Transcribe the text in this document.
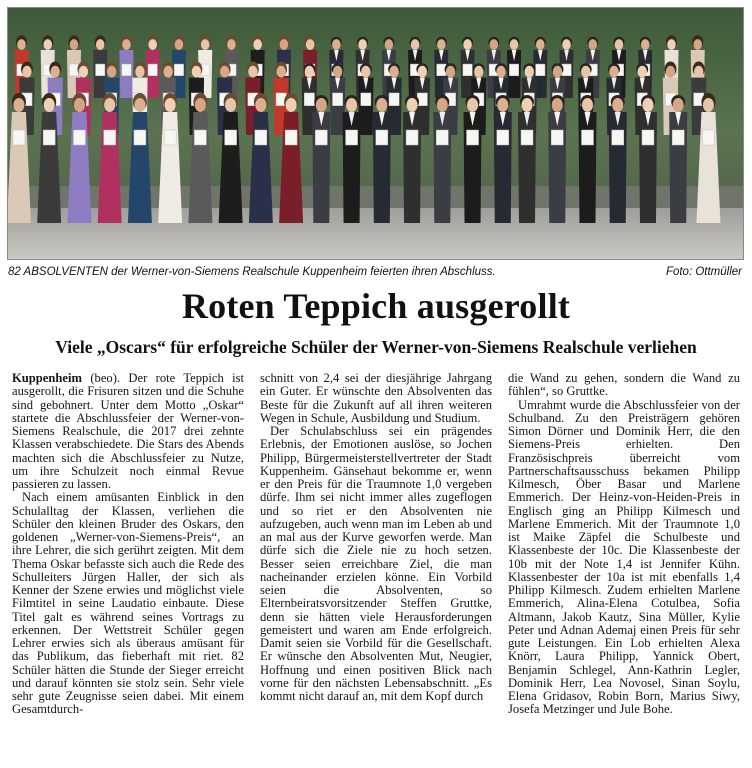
82 ABSOLVENTEN der Werner-von-Siemens Realschule Kuppenheim feierten ihren Abschluss.	Foto: Ottmüller
Roten Teppich ausgerollt
Viele „Oscars“ für erfolgreiche Schüler der Werner-von-Siemens Realschule verliehen

Kuppenheim (beo). Der rote Teppich ist ausgerollt, die Frisuren sitzen und die Schuhe sind gebohnert. Unter dem Motto „Oskar“ startete die Abschlussfeier der Werner-von-Siemens Realschule, die 2017 drei zehnte Klassen verabschiedete. Die Stars des Abends machten sich die Abschlussfeier zu Nutze, um ihre Schulzeit noch einmal Revue passieren zu lassen.

Nach einem amüsanten Einblick in den Schulalltag der Klassen, verliehen die Schüler den kleinen Bruder des Oskars, den goldenen „Werner-von-Siemens-Preis“, an ihre Lehrer, die sich gerührt zeigten. Mit dem Thema Oskar befasste sich auch die Rede des Schulleiters Jürgen Haller, der sich als Kenner der Szene erwies und möglichst viele Filmtitel in seine Laudatio einbaute. Diese Titel galt es während seines Vortrags zu erkennen. Der Wettstreit Schüler gegen Lehrer erwies sich als überaus amüsant für das Publikum, das fieberhaft mit riet. 82 Schüler hätten die Stunde der Sieger erreicht und darauf könnten sie stolz sein. Sehr viele sehr gute Zeugnisse seien dabei. Mit einem Gesamtdurch-

schnitt von 2,4 sei der diesjährige Jahrgang ein Guter. Er wünschte den Absolventen das Beste für die Zukunft auf all ihren weiteren Wegen in Schule, Ausbildung und Studium.

Der Schulabschluss sei ein prägendes Erlebnis, der Emotionen auslöse, so Jochen Philipp, Bürgermeisterstellvertreter der Stadt Kuppenheim. Gänsehaut bekomme er, wenn er den Preis für die Traumnote 1,0 vergeben dürfe. Ihm sei nicht immer alles zugeflogen und so riet er den Absolventen nie aufzugeben, auch wenn man im Leben ab und an mal aus der Kurve geworfen werde. Man dürfe sich die Ziele nie zu hoch setzen. Besser seien erreichbare Ziel, die man nacheinander erzielen könne. Ein Vorbild seien die Absolventen, so Elternbeiratsvorsitzender Steffen Gruttke, denn sie hätten viele Herausforderungen gemeistert und waren am Ende erfolgreich. Damit seien sie Vorbild für die Gesellschaft. Er wünsche den Absolventen Mut, Neugier, Hoffnung und einen positiven Blick nach vorne für den nächsten Lebensabschnitt. „Es kommt nicht darauf an, mit dem Kopf durch

die Wand zu gehen, sondern die Wand zu fühlen“, so Gruttke.

Umrahmt wurde die Abschlussfeier von der Schulband. Zu den Preisträgern gehören Simon Dörner und Dominik Herr, die den Siemens-Preis erhielten. Den Französischpreis überreicht vom Partnerschaftsausschuss bekamen Philipp Kilmesch, Öber Basar und Marlene Emmerich. Der Heinz-von-Heiden-Preis in Englisch ging an Philipp Kilmesch und Marlene Emmerich. Mit der Traumnote 1,0 ist Maike Zäpfel die Schulbeste und Klassenbeste der 10c. Die Klassenbeste der 10b mit der Note 1,4 ist Jennifer Kühn. Klassenbester der 10a ist mit ebenfalls 1,4 Philipp Kilmesch. Zudem erhielten Marlene Emmerich, Alina-Elena Cotulbea, Sofia Altmann, Jakob Kautz, Sina Müller, Kylie Peter und Adnan Ademaj einen Preis für sehr gute Leistungen. Ein Lob erhielten Alexa Knörr, Laura Philipp, Yannick Obert, Benjamin Schlegel, Ann-Kathrin Legler, Dominik Herr, Lea Novosel, Sinan Soylu, Elena Gridasov, Robin Born, Marius Siwy, Josefa Metzinger und Jule Bohe.
